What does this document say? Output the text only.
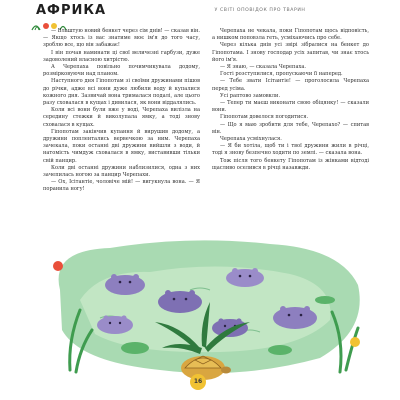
АФРИКА	У СВІТІ ОПОВІДОК ПРО ТВАРИН

— Влаштую новий бенкет через сім днів! — сказав він. — Якщо хтось із вас знатиме моє ім'я до того часу, зроблю все, що він забажає!

І він почав наминати ці свої величезні гарбузи, дуже задоволений власною хитрістю.

А Черепаха повільно почимчикувала додому, розмірковуючи над планом.

Наступного дня Гіпопотам зі своїми дружинами пішов до річки, адже всі вони дуже любили воду й купалися кожного дня. Зазвичай вона трималася подалі, але цього разу сховалася в кущах і дивилася, як вони віддалялись.

Коли всі вони були вже у воді, Черепаха вилізла на середину стежки й виколупала ямку, а тоді знову сховалася в кущах.

Гіпопотам закінчив купання й вирушив додому, а дружини поплентались вервечкою за ним. Черепаха зачекала, поки останні дві дружини вийшли з води, й натомість чимдуж сховалася в ямку, виставивши тільки свій панцир.

Коли дві останні дружини наблизилися, одна з них зачепилась ногою за панцир Черепахи.

— Ох, Ісітантіе, чоловіче мій! — вигукнула вона. — Я поранила ногу!

Черепаха не чекала, поки Гіпопотам щось відповість, а нишком поповзла геть, усміхаючись про себе.

Через кілька днів усі звірі зібралися на бенкет до Гіпопотама. І знову господар усіх запитав, чи знає хтось його ім'я.

— Я знаю, — сказала Черепаха.

Гості розступилися, пропускаючи її наперед.

— Тебе звати Ісітантіе! — проголосила Черепаха перед усіма.

Усі раптово замовкли.

— Тепер ти маєш виконати свою обіцянку! — сказали вони.

Гіпопотам довелося погодитися.

— Що я маю зробити для тебе, Черепахо? — спитав він.

Черепаха усміхнулася.

— Я би хотіла, щоб ти і твої дружини жили в річці, тоді я знову безпечно ходити по землі. — сказала вона.

Тож після того бенкету Гіпопотам із жінками відтоді щасливо оселився в річці назавжди.

16
